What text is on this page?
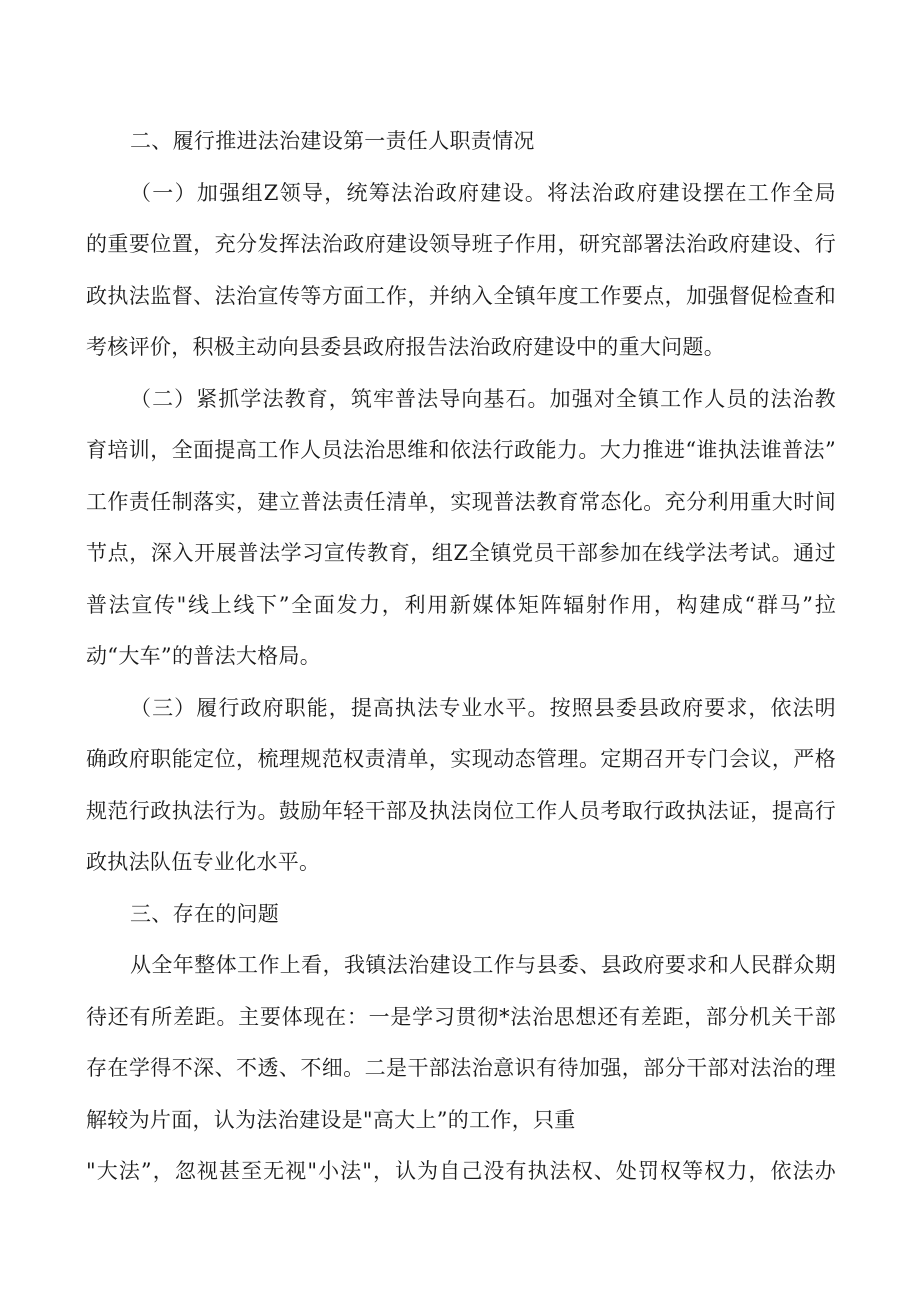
二、履行推进法治建设第一责任人职责情况
（一）加强组Z领导，统筹法治政府建设。将法治政府建设摆在工作全局
的重要位置，充分发挥法治政府建设领导班子作用，研究部署法治政府建设、行
政执法监督、法治宣传等方面工作，并纳入全镇年度工作要点，加强督促检查和
考核评价，积极主动向县委县政府报告法治政府建设中的重大问题。
（二）紧抓学法教育，筑牢普法导向基石。加强对全镇工作人员的法治教
育培训，全面提高工作人员法治思维和依法行政能力。大力推进“谁执法谁普法”
工作责任制落实，建立普法责任清单，实现普法教育常态化。充分利用重大时间
节点，深入开展普法学习宣传教育，组Z全镇党员干部参加在线学法考试。通过
普法宣传"线上线下”全面发力，利用新媒体矩阵辐射作用，构建成“群马”拉
动“大车”的普法大格局。
（三）履行政府职能，提高执法专业水平。按照县委县政府要求，依法明
确政府职能定位，梳理规范权责清单，实现动态管理。定期召开专门会议，严格
规范行政执法行为。鼓励年轻干部及执法岗位工作人员考取行政执法证，提高行
政执法队伍专业化水平。
三、存在的问题
从全年整体工作上看，我镇法治建设工作与县委、县政府要求和人民群众期
待还有所差距。主要体现在：一是学习贯彻*法治思想还有差距，部分机关干部
存在学得不深、不透、不细。二是干部法治意识有待加强，部分干部对法治的理
解较为片面，认为法治建设是"高大上”的工作，只重
"大法”，忽视甚至无视"小法"，认为自己没有执法权、处罚权等权力，依法办
